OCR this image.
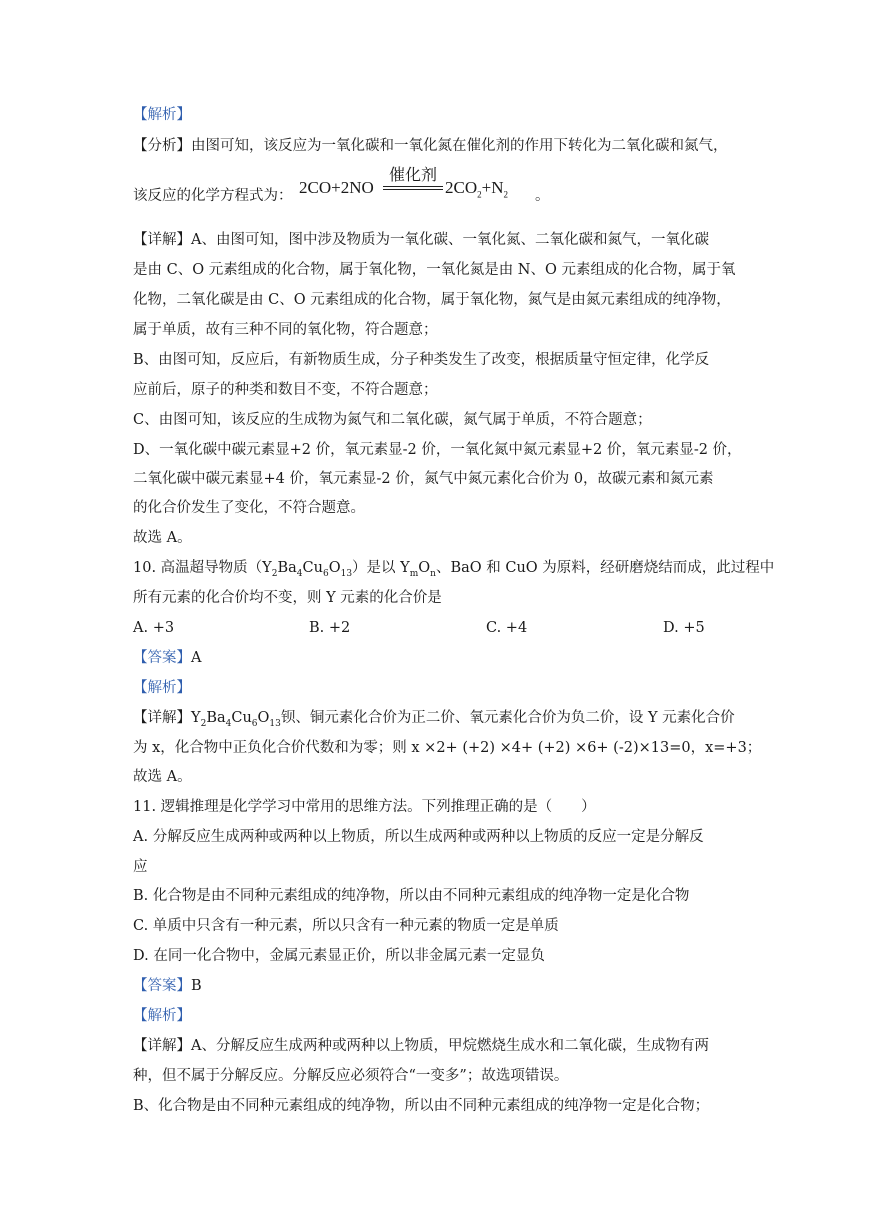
【解析】
【分析】由图可知，该反应为一氧化碳和一氧化氮在催化剂的作用下转化为二氧化碳和氮气，
该反应的化学方程式为： 2CO+2NO
催化剂
$2CO_2+N_2$ 。
【详解】A、由图可知，图中涉及物质为一氧化碳、一氧化氮、二氧化碳和氮气，一氧化碳
是由 C、O 元素组成的化合物，属于氧化物，一氧化氮是由 N、O 元素组成的化合物，属于氧
化物，二氧化碳是由 C、O 元素组成的化合物，属于氧化物，氮气是由氮元素组成的纯净物，
属于单质，故有三种不同的氧化物，符合题意；
B、由图可知，反应后，有新物质生成，分子种类发生了改变，根据质量守恒定律，化学反
应前后，原子的种类和数目不变，不符合题意；
C、由图可知，该反应的生成物为氮气和二氧化碳，氮气属于单质，不符合题意；
D、一氧化碳中碳元素显+2 价，氧元素显-2 价，一氧化氮中氮元素显+2 价，氧元素显-2 价，
二氧化碳中碳元素显+4 价，氧元素显-2 价，氮气中氮元素化合价为 0，故碳元素和氮元素
的化合价发生了变化，不符合题意。
故选 A。
10. 高温超导物质$(Y_2Ba_4Cu_6O_{13})$是以 $Y_mO_n$、BaO 和 CuO 为原料，经研磨烧结而成，此过程中
所有元素的化合价均不变，则 Y 元素的化合价是
A. +3	B. +2	C. +4	D. +5
【答案】A
【解析】
【详解】$Y_2Ba_4Cu_6O_{13}$钡、铜元素化合价为正二价、氧元素化合价为负二价，设 Y 元素化合价
为 x，化合物中正负化合价代数和为零；则 x ×2+ (+2) ×4+ (+2) ×6+ (-2)×13=0，x=+3；
故选 A。
11. 逻辑推理是化学学习中常用的思维方法。下列推理正确的是（　　）
A. 分解反应生成两种或两种以上物质，所以生成两种或两种以上物质的反应一定是分解反
应
B. 化合物是由不同种元素组成的纯净物，所以由不同种元素组成的纯净物一定是化合物
C. 单质中只含有一种元素，所以只含有一种元素的物质一定是单质
D. 在同一化合物中，金属元素显正价，所以非金属元素一定显负
【答案】B
【解析】
【详解】A、分解反应生成两种或两种以上物质，甲烷燃烧生成水和二氧化碳，生成物有两
种，但不属于分解反应。分解反应必须符合“一变多”；故选项错误。
B、化合物是由不同种元素组成的纯净物，所以由不同种元素组成的纯净物一定是化合物；
